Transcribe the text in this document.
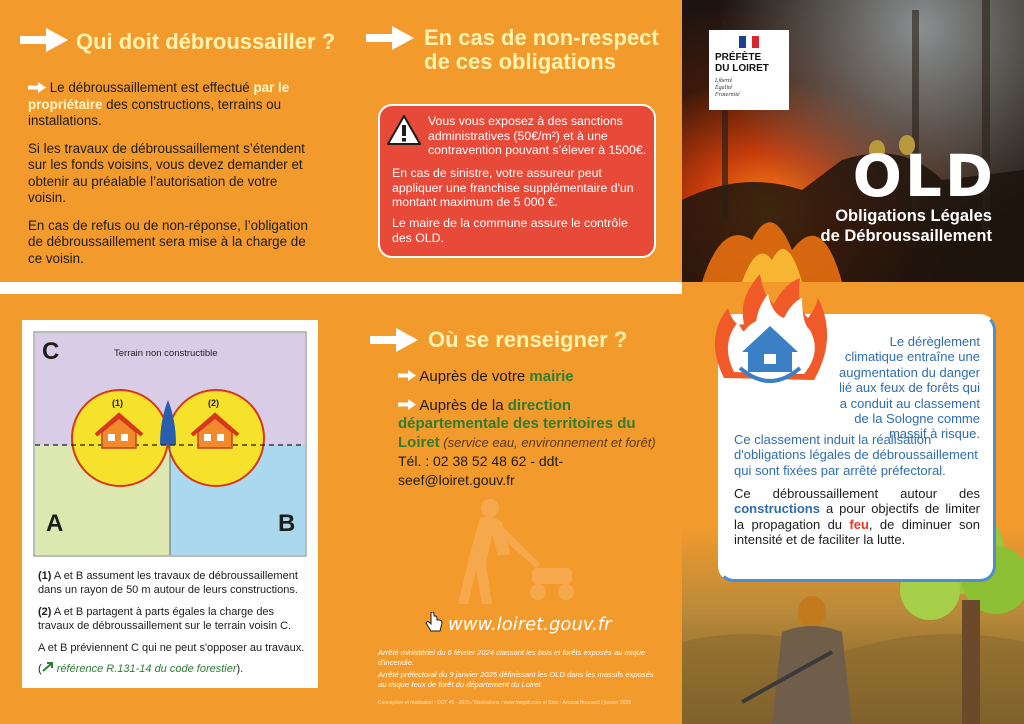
Qui doit débroussailler ?

Le débroussaillement est effectué par le propriétaire des constructions, terrains ou installations.

Si les travaux de débroussaillement s’étendent sur les fonds voisins, vous devez demander et obtenir au préalable l’autorisation de votre voisin.

En cas de refus ou de non-réponse, l’obligation de débroussaillement sera mise à la charge de ce voisin.

En cas de non-respect
de ces obligations

Vous vous exposez à des sanctions administratives (50€/m²) et à une contravention pouvant s’élever à 1500€.

En cas de sinistre, votre assureur peut appliquer une franchise supplémentaire d'un montant maximum de 5 000 €.

Le maire de la commune assure le contrôle des OLD.

PRÉFÈTE
DU LOIRET
Liberté
Égalité
Fraternité
OLD
Obligations Légales
de Débroussaillement
C	Terrain non constructible
(1)	(2)
A	B
(1) A et B assument les travaux de débroussaillement dans un rayon de 50 m autour de leurs constructions.
(2) A et B partagent à parts égales la charge des travaux de débroussaillement sur le terrain voisin C.
A et B préviennent C qui ne peut s'opposer au travaux.
( référence R.131-14 du code forestier).
Où se renseigner ?
Auprès de votre mairie
Auprès de la direction départementale des territoires du Loiret (service eau, environnement et forêt) Tél. : 02 38 52 48 62 - ddt-seef@loiret.gouv.fr
www.loiret.gouv.fr

Arrêté ministériel du 6 février 2024 classant les bois et forêts exposés au risque d'incendie.

Arrêté préfectoral du 9 janvier 2025 définissant les OLD dans les massifs exposés au risque feux de forêt du département du Loiret.

Conception et réalisation : DDT 45 - 2025 / Illustrations : www.freepik.com et Sina - Arnaud Boucaud / janvier 2025
Le dérèglement climatique entraîne une augmentation du danger lié aux feux de forêts qui a conduit au classement de la Sologne comme massif à risque.
Ce classement induit la réalisation d'obligations légales de débroussaillement qui sont fixées par arrêté préfectoral.
Ce débroussaillement autour des constructions a pour objectifs de limiter la propagation du feu, de diminuer son intensité et de faciliter la lutte.
